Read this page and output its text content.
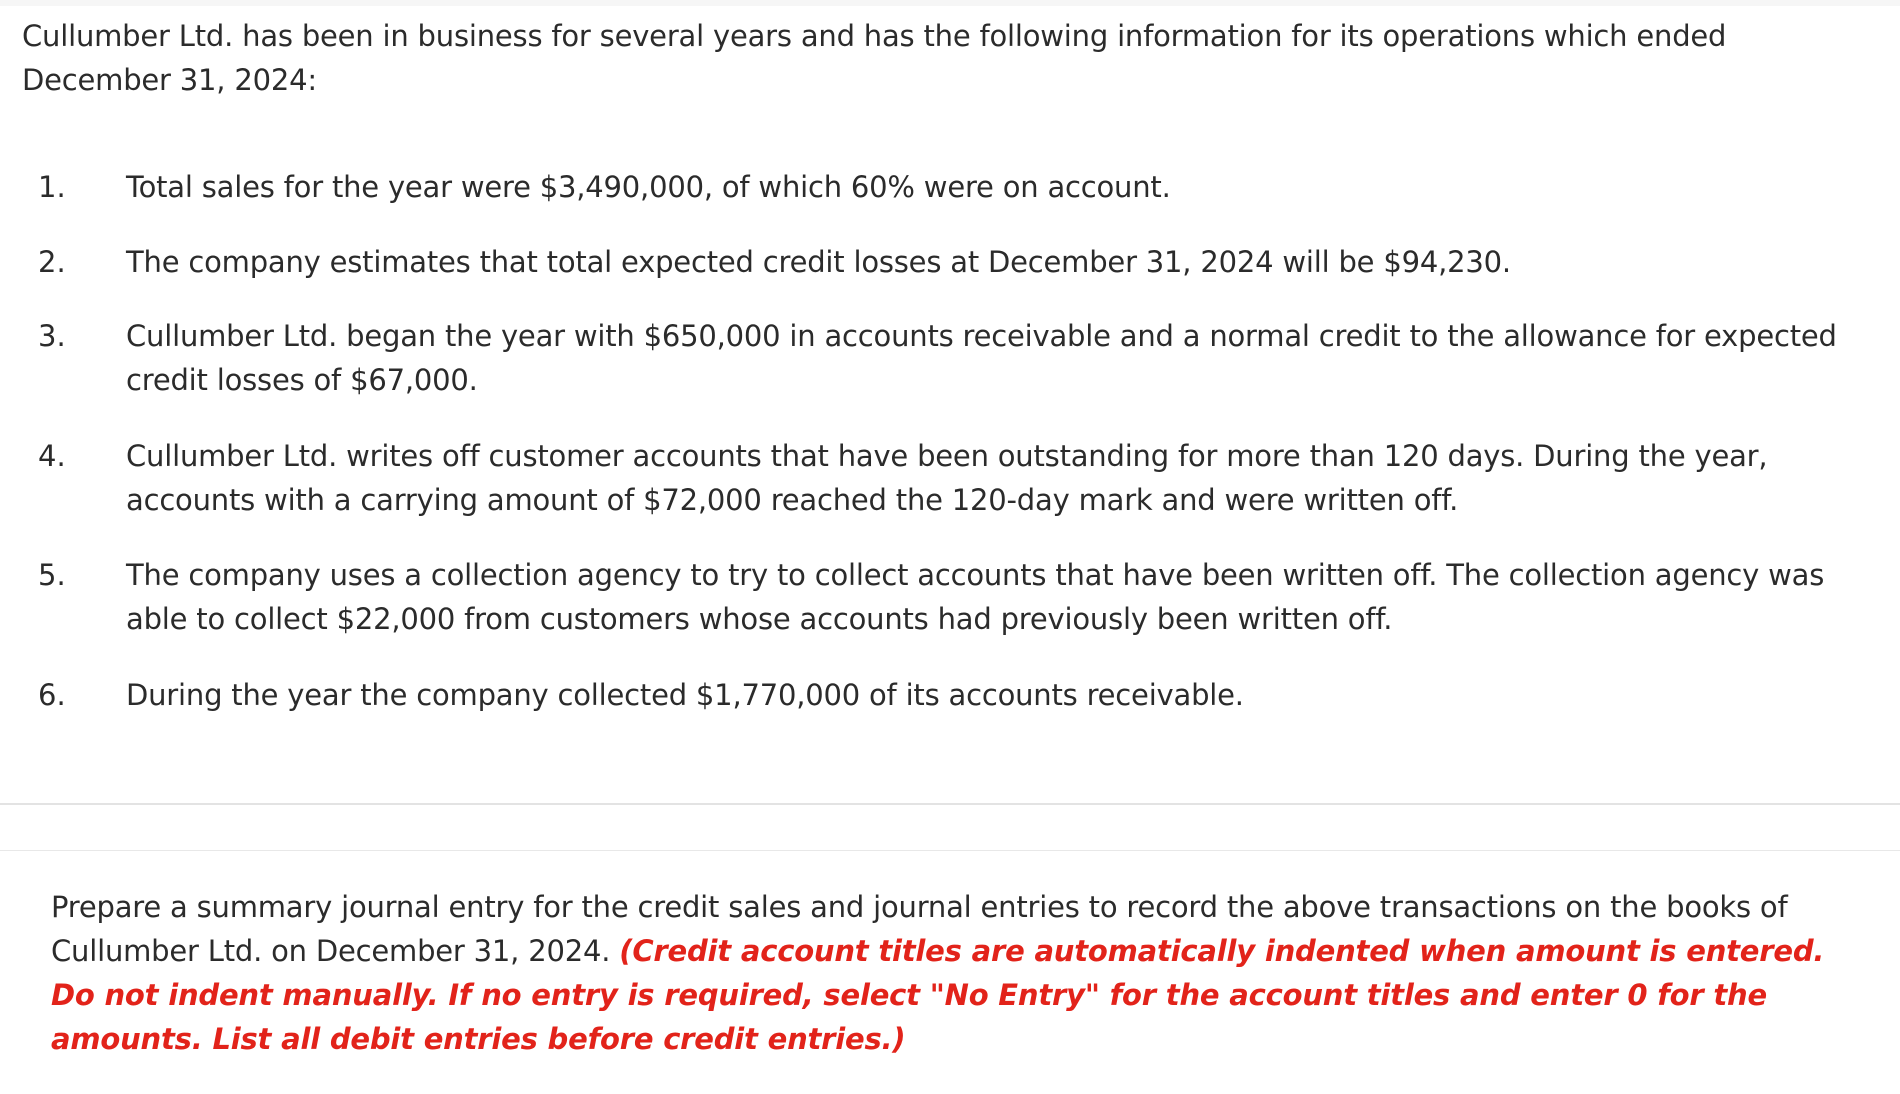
Cullumber Ltd. has been in business for several years and has the following information for its operations which ended December 31, 2024:
1. Total sales for the year were $3,490,000, of which 60% were on account.
2. The company estimates that total expected credit losses at December 31, 2024 will be $94,230.
3. Cullumber Ltd. began the year with $650,000 in accounts receivable and a normal credit to the allowance for expected credit losses of $67,000.
4. Cullumber Ltd. writes off customer accounts that have been outstanding for more than 120 days. During the year, accounts with a carrying amount of $72,000 reached the 120-day mark and were written off.
5. The company uses a collection agency to try to collect accounts that have been written off. The collection agency was able to collect $22,000 from customers whose accounts had previously been written off.
6. During the year the company collected $1,770,000 of its accounts receivable.
Prepare a summary journal entry for the credit sales and journal entries to record the above transactions on the books of Cullumber Ltd. on December 31, 2024. (Credit account titles are automatically indented when amount is entered. Do not indent manually. If no entry is required, select "No Entry" for the account titles and enter 0 for the amounts. List all debit entries before credit entries.)
